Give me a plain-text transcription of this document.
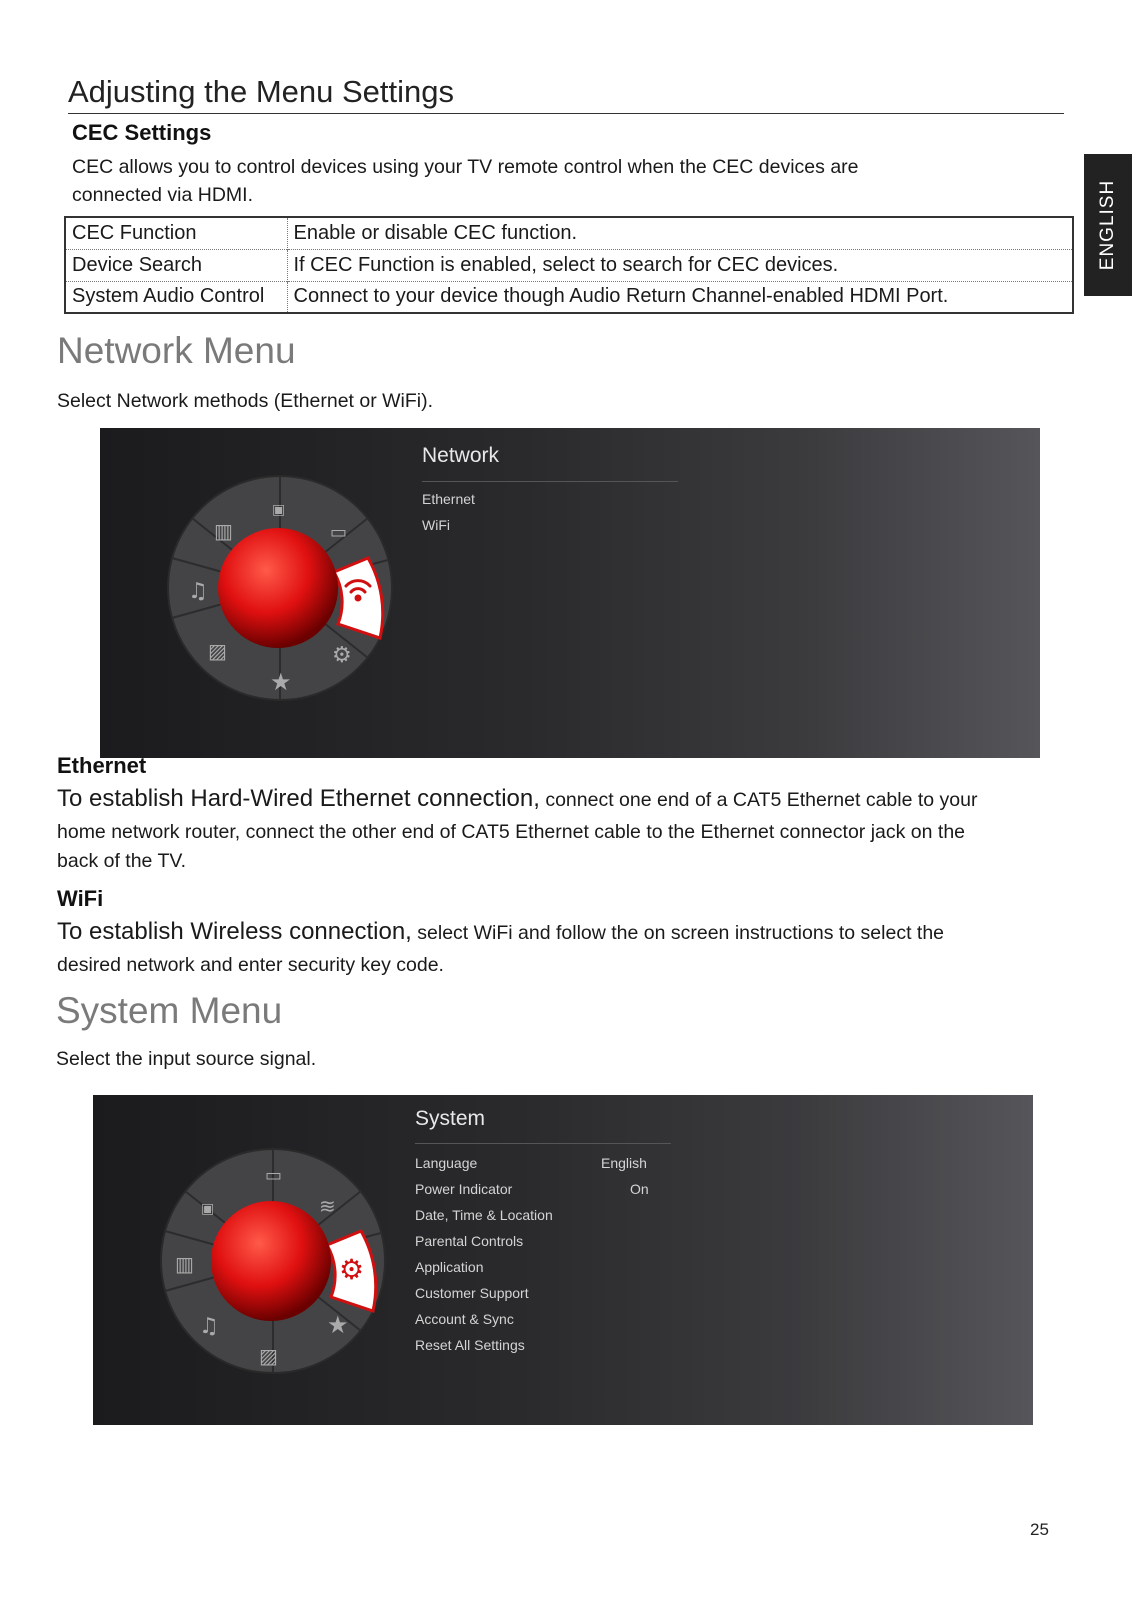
ENGLISH
Adjusting the Menu Settings
CEC Settings
CEC allows you to control devices using your TV remote control when the CEC devices are
connected via HDMI.
CEC Function	Enable or disable CEC function.
Device Search	If CEC Function is enabled, select to search for CEC devices.
System Audio Control	Connect to your device though Audio Return Channel-enabled HDMI Port.
Network Menu
Select Network methods (Ethernet or WiFi).
▣
▥	▭
♫
▨
★
⚙
Network
Ethernet
WiFi
Ethernet
To establish Hard-Wired Ethernet connection, connect one end of a CAT5 Ethernet cable to your
home network router, connect the other end of CAT5 Ethernet cable to the Ethernet connector jack on the
back of the TV.
WiFi
To establish Wireless connection, select WiFi and follow the on screen instructions to select the
desired network and enter security key code.
System Menu
Select the input source signal.
⚙
▭
▣	≋
▥
♫
▨
★
System
Language	English
Power Indicator	On
Date, Time & Location
Parental Controls
Application
Customer Support
Account & Sync
Reset All Settings
25
